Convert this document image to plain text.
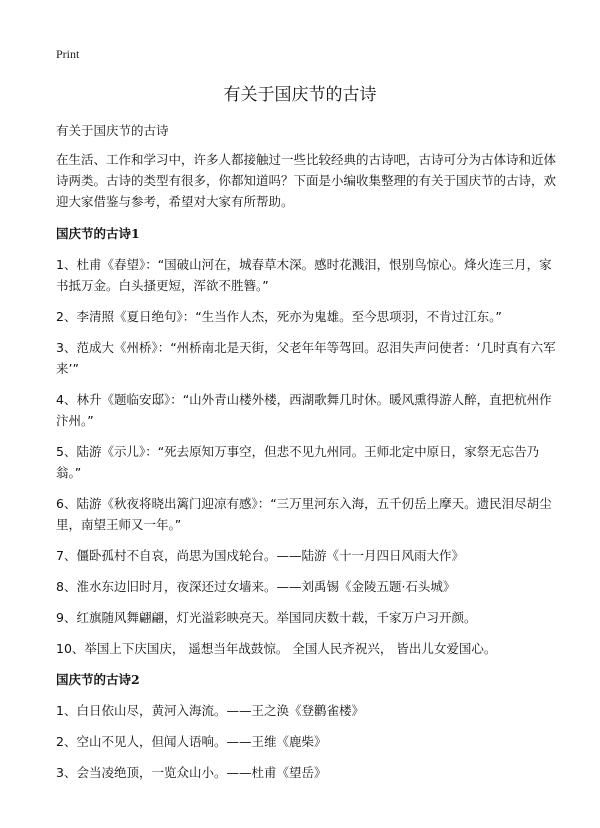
Print
有关于国庆节的古诗

有关于国庆节的古诗

在生活、工作和学习中，许多人都接触过一些比较经典的古诗吧，古诗可分为古体诗和近体诗两类。古诗的类型有很多，你都知道吗？下面是小编收集整理的有关于国庆节的古诗，欢迎大家借鉴与参考，希望对大家有所帮助。

国庆节的古诗1
1、杜甫《春望》：“国破山河在，城春草木深。感时花溅泪，恨别鸟惊心。烽火连三月，家书抵万金。白头搔更短，浑欲不胜簪。”
2、李清照《夏日绝句》：“生当作人杰，死亦为鬼雄。至今思项羽，不肯过江东。”
3、范成大《州桥》：“州桥南北是天街，父老年年等驾回。忍泪失声问使者：‘几时真有六军来’”
4、林升《题临安邸》：“山外青山楼外楼，西湖歌舞几时休。暖风熏得游人醉，直把杭州作汴州。”
5、陆游《示儿》：“死去原知万事空，但悲不见九州同。王师北定中原日，家祭无忘告乃翁。”
6、陆游《秋夜将晓出篱门迎凉有感》：“三万里河东入海，五千仞岳上摩天。遗民泪尽胡尘里，南望王师又一年。”
7、僵卧孤村不自哀，尚思为国戍轮台。——陆游《十一月四日风雨大作》
8、淮水东边旧时月，夜深还过女墙来。——刘禹锡《金陵五题·石头城》
9、红旗随风舞翩翩，灯光溢彩映亮天。举国同庆数十载，千家万户习开颜。
10、举国上下庆国庆， 遥想当年战鼓惊。 全国人民齐祝兴， 皆出儿女爱国心。
国庆节的古诗2
1、白日依山尽，黄河入海流。——王之涣《登鹳雀楼》
2、空山不见人，但闻人语响。——王维《鹿柴》
3、会当凌绝顶，一览众山小。——杜甫《望岳》
